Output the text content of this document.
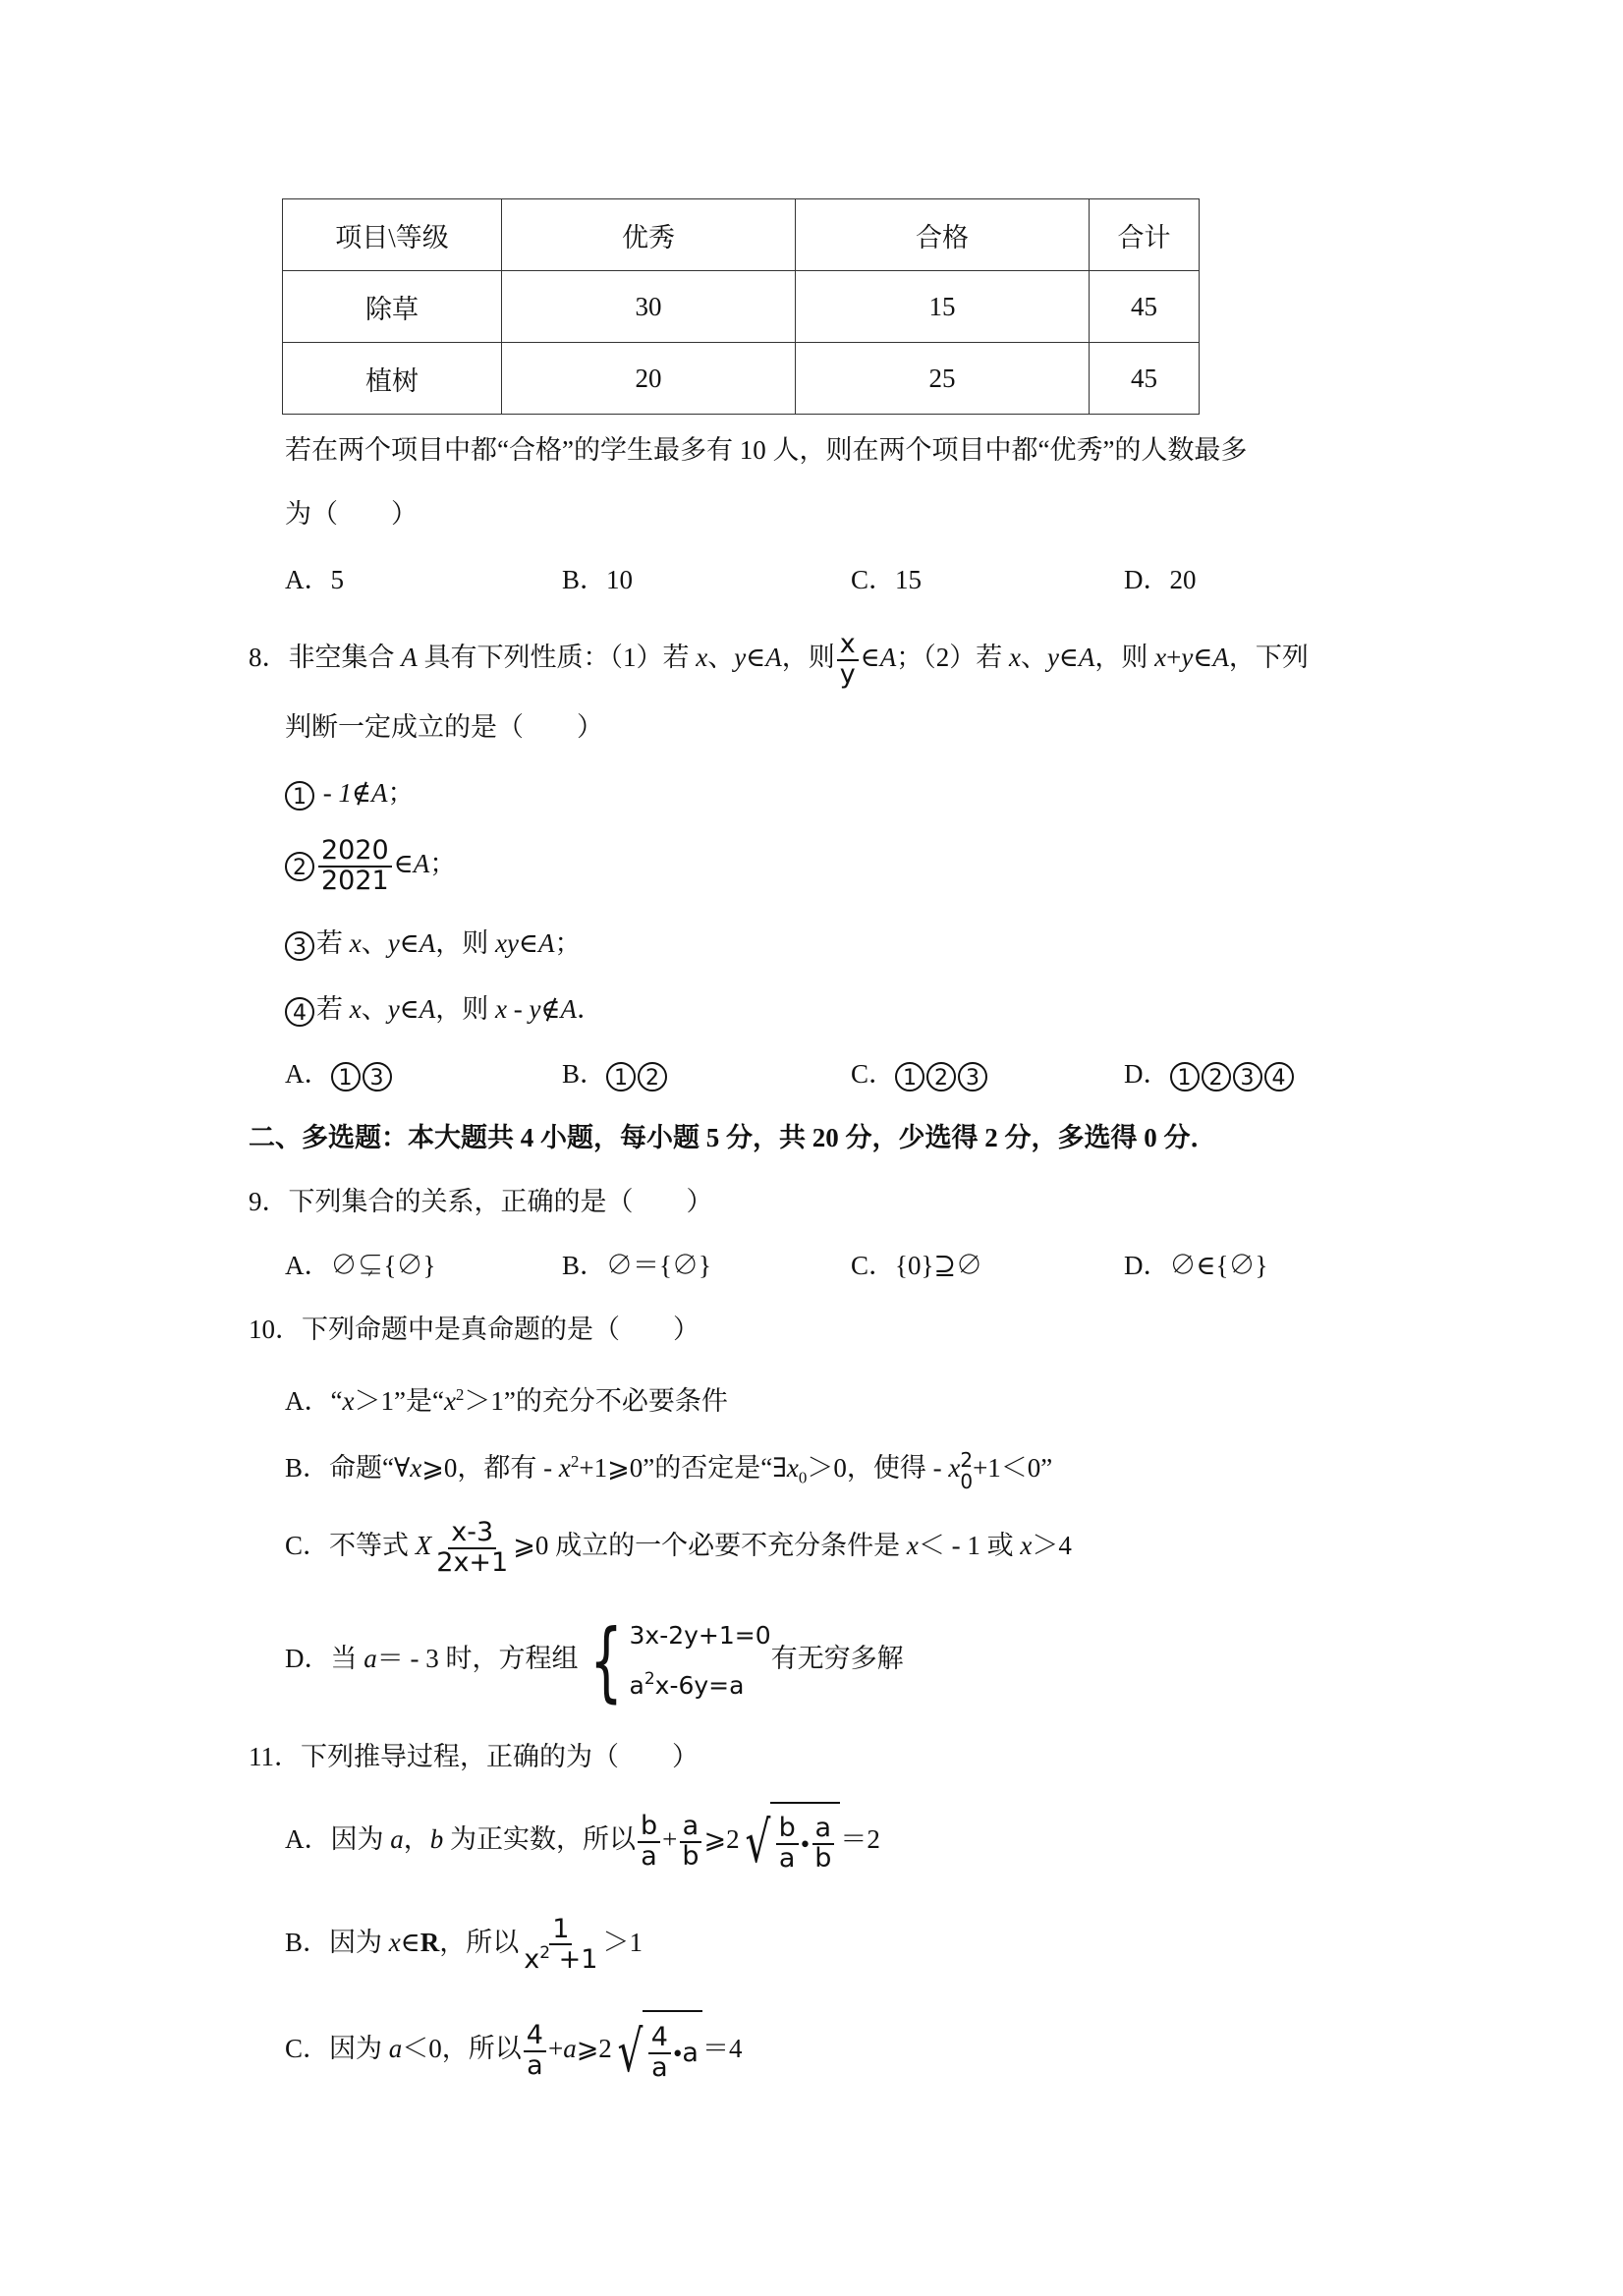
项目\等级	优秀	合格	合计
除草	30	15	45
植树	20	25	45
若在两个项目中都“合格”的学生最多有 10 人，则在两个项目中都“优秀”的人数最多
为（　　）
A．5	B．10	C．15	D．20
8．非空集合 A 具有下列性质：（1）若 x、y∈A，则 $\frac{x}{y}$ ∈A；（2）若 x、y∈A，则 x+y∈A，下列
判断一定成立的是（　　）
1 - 1∉A；
$2 \frac{2020}{2021}$ ∈A；
3 若 x、y∈A，则 xy∈A；
4 若 x、y∈A，则 x - y∉A．
A． 1 3	B． 1 2	C． 1 2 3	D． 1 2 3 4
二、多选题：本大题共 4 小题，每小题 5 分，共 20 分，少选得 2 分，多选得 0 分．
9．下列集合的关系，正确的是（　　）
A．∅⊊{∅}	B．∅＝{∅}	C．{0}⊇∅	D．∅∈{∅}
10．下列命题中是真命题的是（　　）
A．“x＞1”是“$x^2>1$”的充分不必要条件
B．命题“∀x⩾0，都有 - $x^2+1⩾0$”的否定是“$\exists x_0>0$，使得 - x 2
0 +1＜0”
C．不等式 X $\frac{x-3}{2x+1}$ ⩾0 成立的一个必要不充分条件是 x＜ - 1 或 x＞4
D．当 a＝ - 3 时，方程组 { 3x-2y+1=0
$a^2x-6y=a$
有无穷多解
11．下列推导过程，正确的为（　　）
A．因为 a，b 为正实数，所以 $\frac{b}{a} + \frac{a}{b}$ ⩾2 √ $\frac{b}{a}$ • $\frac{a}{b} =2$
B．因为 x∈R，所以 $\frac{1}{x^2 +1} >1$
C．因为 a＜0，所以 $\frac{4}{a}$ +a⩾2 √ $\frac{4}{a}$ • a ＝4
